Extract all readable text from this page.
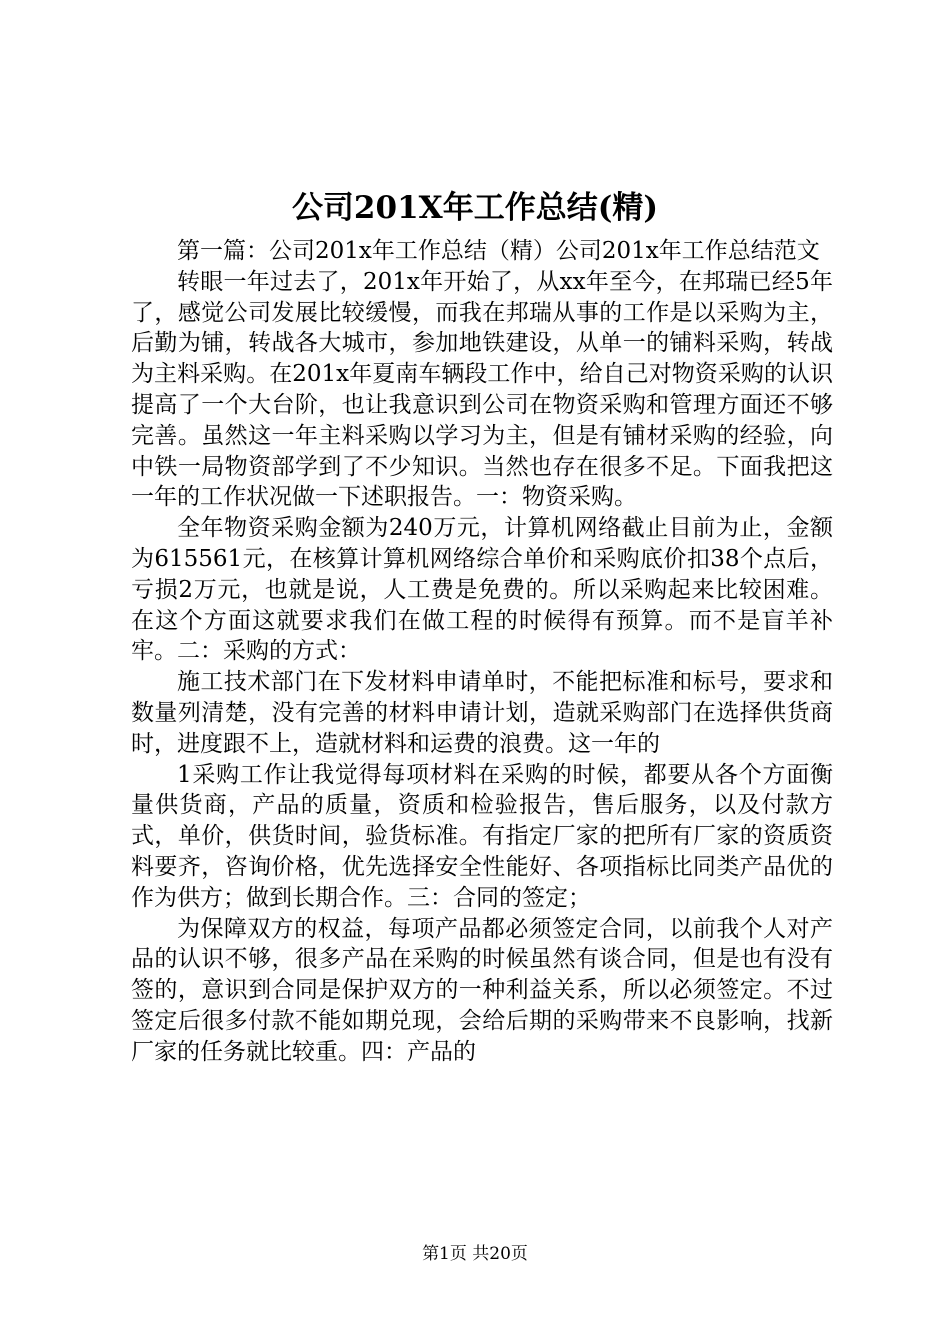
公司201X年工作总结(精)

第一篇：公司201x年工作总结（精）公司201x年工作总结范文

转眼一年过去了，201x年开始了，从xx年至今，在邦瑞已经5年了，感觉公司发展比较缓慢，而我在邦瑞从事的工作是以采购为主，后勤为铺，转战各大城市，参加地铁建设，从单一的铺料采购，转战为主料采购。在201x年夏南车辆段工作中，给自己对物资采购的认识提高了一个大台阶，也让我意识到公司在物资采购和管理方面还不够完善。虽然这一年主料采购以学习为主，但是有铺材采购的经验，向中铁一局物资部学到了不少知识。当然也存在很多不足。下面我把这一年的工作状况做一下述职报告。一：物资采购。

全年物资采购金额为240万元，计算机网络截止目前为止，金额为615561元，在核算计算机网络综合单价和采购底价扣38个点后，亏损2万元，也就是说，人工费是免费的。所以采购起来比较困难。在这个方面这就要求我们在做工程的时候得有预算。而不是盲羊补牢。二：采购的方式：

施工技术部门在下发材料申请单时，不能把标准和标号，要求和数量列清楚，没有完善的材料申请计划，造就采购部门在选择供货商时，进度跟不上，造就材料和运费的浪费。这一年的

1采购工作让我觉得每项材料在采购的时候，都要从各个方面衡量供货商，产品的质量，资质和检验报告，售后服务，以及付款方式，单价，供货时间，验货标准。有指定厂家的把所有厂家的资质资料要齐，咨询价格，优先选择安全性能好、各项指标比同类产品优的作为供方；做到长期合作。三：合同的签定；

为保障双方的权益，每项产品都必须签定合同，以前我个人对产品的认识不够，很多产品在采购的时候虽然有谈合同，但是也有没有签的，意识到合同是保护双方的一种利益关系，所以必须签定。不过签定后很多付款不能如期兑现，会给后期的采购带来不良影响，找新厂家的任务就比较重。四：产品的

第1页 共20页
